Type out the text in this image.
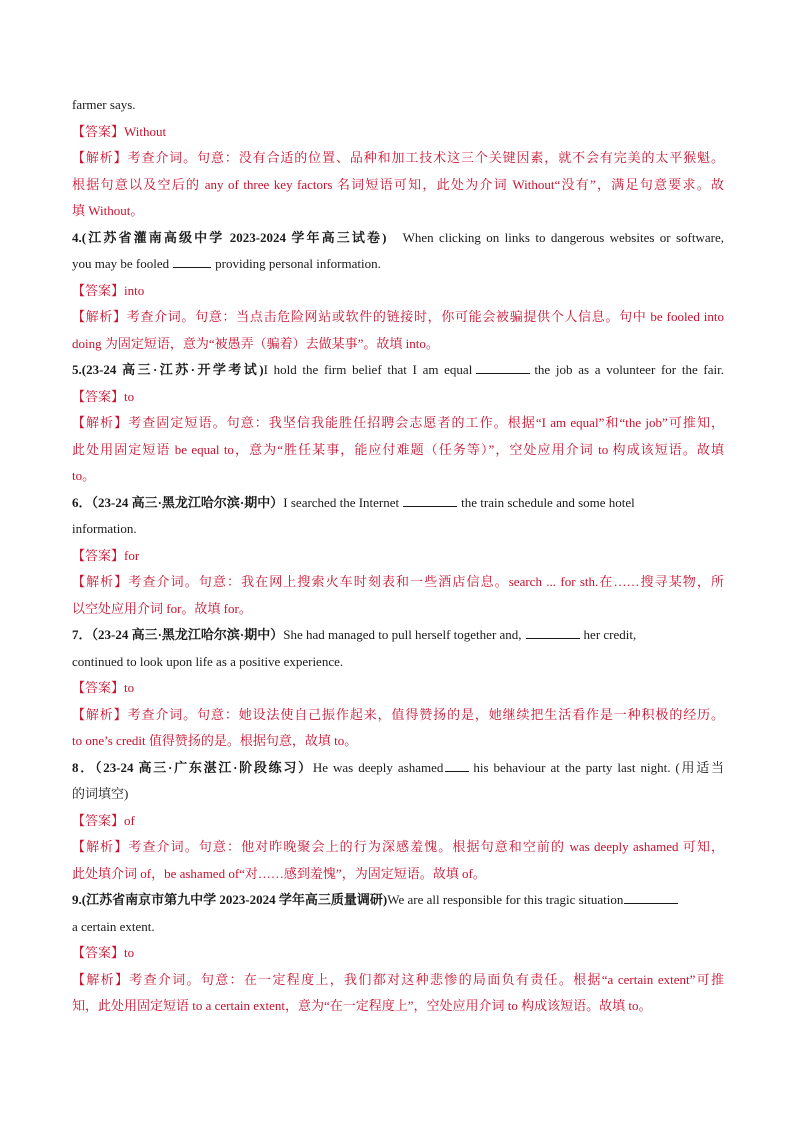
farmer says.
【答案】Without
【解析】考查介词。句意：没有合适的位置、品种和加工技术这三个关键因素，就不会有完美的太平猴魁。
根据句意以及空后的 any of three key factors 名词短语可知，此处为介词 Without“没有”，满足句意要求。故
填 Without。
4.(江苏省灌南高级中学 2023-2024 学年高三试卷) When clicking on links to dangerous websites or software,
you may be fooled	providing personal information.
【答案】into
【解析】考查介词。句意：当点击危险网站或软件的链接时，你可能会被骗提供个人信息。句中 be fooled into
doing 为固定短语，意为“被愚弄（骗着）去做某事”。故填 into。
5.(23-24 高三·江苏·开学考试)I hold the firm belief that I am equal	the job as a volunteer for the fair.
【答案】to
【解析】考查固定短语。句意：我坚信我能胜任招聘会志愿者的工作。根据“I am equal”和“the job”可推知，
此处用固定短语 be equal to，意为“胜任某事，能应付难题（任务等）”，空处应用介词 to 构成该短语。故填
to。
6．（23-24 高三·黑龙江哈尔滨·期中）I searched the Internet	the train schedule and some hotel
information.
【答案】for
【解析】考查介词。句意：我在网上搜索火车时刻表和一些酒店信息。search ... for sth.在……搜寻某物，所
以空处应用介词 for。故填 for。
7．（23-24 高三·黑龙江哈尔滨·期中）She had managed to pull herself together and,	her credit,
continued to look upon life as a positive experience.
【答案】to
【解析】考查介词。句意：她设法使自己振作起来，值得赞扬的是，她继续把生活看作是一种积极的经历。
to one’s credit 值得赞扬的是。根据句意，故填 to。
8．（23-24 高三·广东湛江·阶段练习）He was deeply ashamed his behaviour at the party last night. (用适当
的词填空)
【答案】of
【解析】考查介词。句意：他对昨晚聚会上的行为深感羞愧。根据句意和空前的 was deeply ashamed 可知，
此处填介词 of，be ashamed of“对……感到羞愧”，为固定短语。故填 of。
9.(江苏省南京市第九中学 2023-2024 学年高三质量调研)We are all responsible for this tragic situation
a certain extent.
【答案】to
【解析】考查介词。句意：在一定程度上，我们都对这种悲惨的局面负有责任。根据“a certain extent”可推
知，此处用固定短语 to a certain extent，意为“在一定程度上”，空处应用介词 to 构成该短语。故填 to。
